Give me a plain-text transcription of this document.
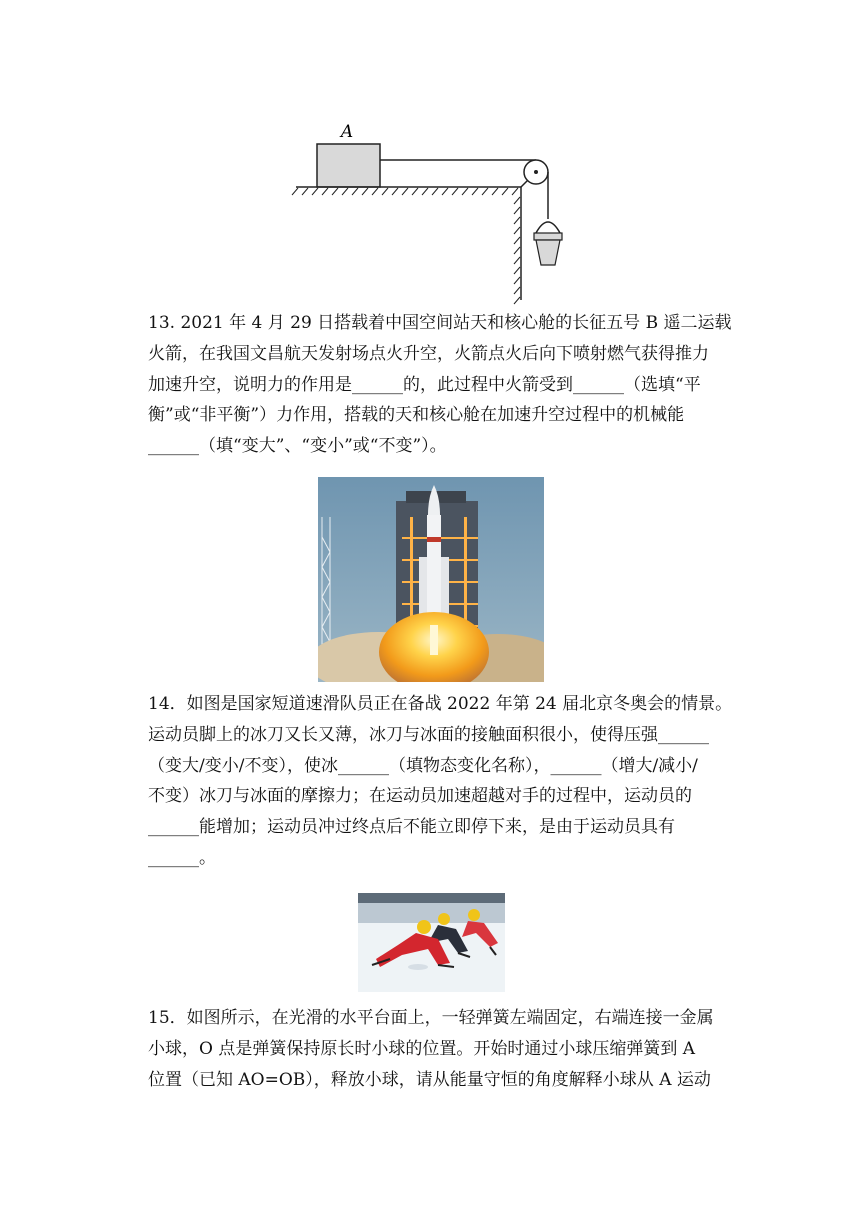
A
13. 2021 年 4 月 29 日搭载着中国空间站天和核心舱的长征五号 B 遥二运载
火箭，在我国文昌航天发射场点火升空，火箭点火后向下喷射燃气获得推力
加速升空，说明力的作用是______的，此过程中火箭受到______（选填“平
衡”或“非平衡”）力作用，搭载的天和核心舱在加速升空过程中的机械能
______（填“变大”、“变小”或“不变”）。
14．如图是国家短道速滑队员正在备战 2022 年第 24 届北京冬奥会的情景。
运动员脚上的冰刀又长又薄，冰刀与冰面的接触面积很小，使得压强______
（变大/变小/不变），使冰______（填物态变化名称），______（增大/减小/
不变）冰刀与冰面的摩擦力；在运动员加速超越对手的过程中，运动员的
______能增加；运动员冲过终点后不能立即停下来，是由于运动员具有
______。
15．如图所示，在光滑的水平台面上，一轻弹簧左端固定，右端连接一金属
小球，O 点是弹簧保持原长时小球的位置。开始时通过小球压缩弹簧到 A
位置（已知 AO=OB），释放小球，请从能量守恒的角度解释小球从 A 运动
